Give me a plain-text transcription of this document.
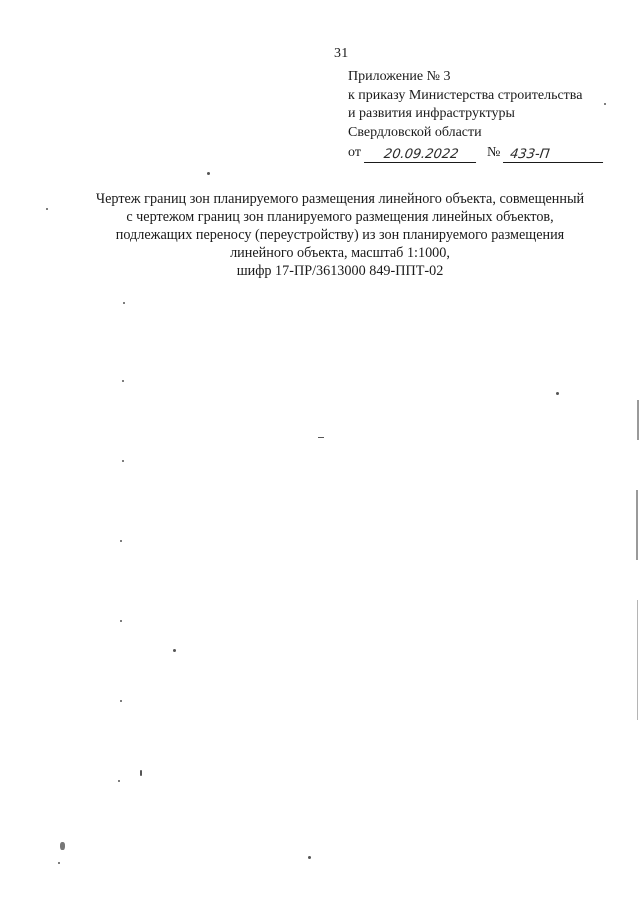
31
Приложение № 3
к приказу Министерства строительства
и развития инфраструктуры
Свердловской области
от	20.09.2022	№ 433-П
Чертеж границ зон планируемого размещения линейного объекта, совмещенный
с чертежом границ зон планируемого размещения линейных объектов,
подлежащих переносу (переустройству) из зон планируемого размещения
линейного объекта, масштаб 1:1000,
шифр 17-ПР/3613000 849-ППТ-02
